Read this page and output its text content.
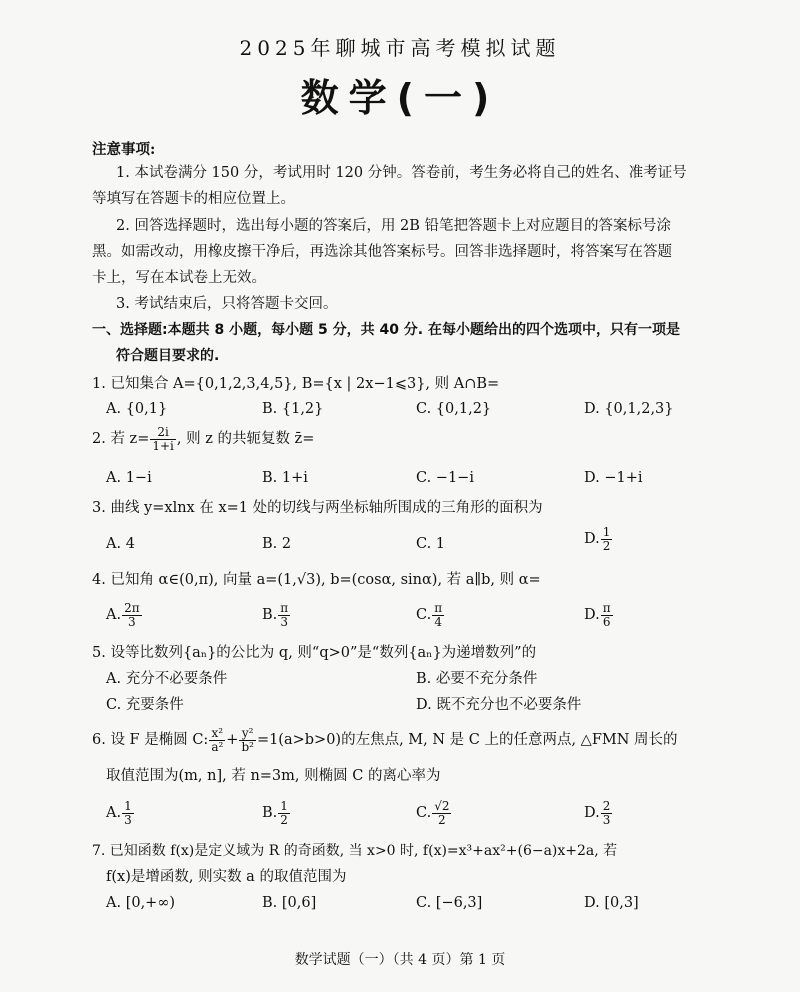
2025年聊城市高考模拟试题
数学(一)
注意事项:
1. 本试卷满分 150 分，考试用时 120 分钟。答卷前，考生务必将自己的姓名、准考证号
等填写在答题卡的相应位置上。
2. 回答选择题时，选出每小题的答案后，用 2B 铅笔把答题卡上对应题目的答案标号涂
黑。如需改动，用橡皮擦干净后，再选涂其他答案标号。回答非选择题时，将答案写在答题
卡上，写在本试卷上无效。
3. 考试结束后，只将答题卡交回。
一、选择题:本题共 8 小题，每小题 5 分，共 40 分. 在每小题给出的四个选项中，只有一项是
符合题目要求的.
1. 已知集合 A={0,1,2,3,4,5}, B={x | 2x−1⩽3}, 则 A∩B=
A. {0,1}	B. {1,2}	C. {0,1,2}	D. {0,1,2,3}
2. 若 $z= \frac{2i}{1+i}$ , 则 z 的共轭复数 z̄=
A. 1−i	B. 1+i	C. −1−i	D. −1+i
3. 曲线 y=xlnx 在 x=1 处的切线与两坐标轴所围成的三角形的面积为
A. 4	B. 2	C. 1	D. $\frac{1}{2}$
4. 已知角 α∈(0,π), 向量 a=(1,√3), b=(cosα, sinα), 若 a∥b, 则 α=
A. $\frac{2\pi}{3}$	B. $\frac{\pi}{3}$	C. $\frac{\pi}{4}$	D. $\frac{\pi}{6}$
5. 设等比数列{aₙ}的公比为 q, 则“q>0”是“数列{aₙ}为递增数列”的
A. 充分不必要条件	B. 必要不充分条件
C. 充要条件	D. 既不充分也不必要条件
6. 设 F 是椭圆 C: $\frac{\text{x²}}{\text{a²}} + \frac{\text{y²}}{\text{b²}} =1(a>b>0)$的左焦点, M, N 是 C 上的任意两点, △FMN 周长的
取值范围为(m, n], 若 n=3m, 则椭圆 C 的离心率为
A. $\frac{1}{3}$	B. $\frac{1}{2}$	C. $\frac{√2}{2}$	D. $\frac{2}{3}$
7. 已知函数 f(x)是定义域为 R 的奇函数, 当 x>0 时, f(x)=x³+ax²+(6−a)x+2a, 若
f(x)是增函数, 则实数 a 的取值范围为
A. [0,+∞)	B. [0,6]	C. [−6,3]	D. [0,3]
数学试题（一）（共 4 页）第 1 页
